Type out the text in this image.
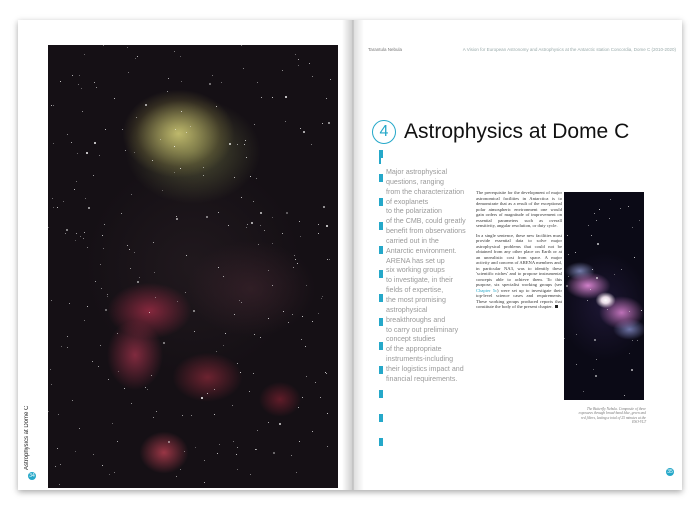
Astrophysics at Dome C
34
Tarantula Nebula	A Vision for European Astronomy and Astrophysics at the Antarctic station Concordia, Dome C (2010-2020)
4 Astrophysics at Dome C
Major astrophysical
questions, ranging
from the characterization
of exoplanets
to the polarization
of the CMB, could greatly
benefit from observations
carried out in the
Antarctic environment.
ARENA has set up
six working groups
to investigate, in their
fields of expertise,
the most promising
astrophysical
breakthroughs and
to carry out preliminary
concept studies
of the appropriate
instruments-including
their logistics impact and
financial requirements.

The prerequisite for the development of major astronomical facilities in Antarctica is to demonstrate that as a result of the exceptional polar atmospheric environment one would gain orders of magnitude of improvement on essential parameters such as overall sensitivity, angular resolution, or duty cycle.

In a single sentence, these new facilities must provide essential data to solve major astrophysical problems that could not be obtained from any other place on Earth or at an unrealistic cost from space. A major activity and concern of ARENA members and, in particular NA3, was to identify these 'scientific niches' and to propose instrumental concepts able to achieve them. To this purpose, six specialist working groups (see Chapter 5c) were set up to investigate their top-level science cases and requirements. These working groups produced reports that constitute the body of the present chapter.

The Butterfly Nebula. Composite of three exposures through broad-band blue, green and red filters, lasting a total of 25 minutes at the ESO-VLT
35
